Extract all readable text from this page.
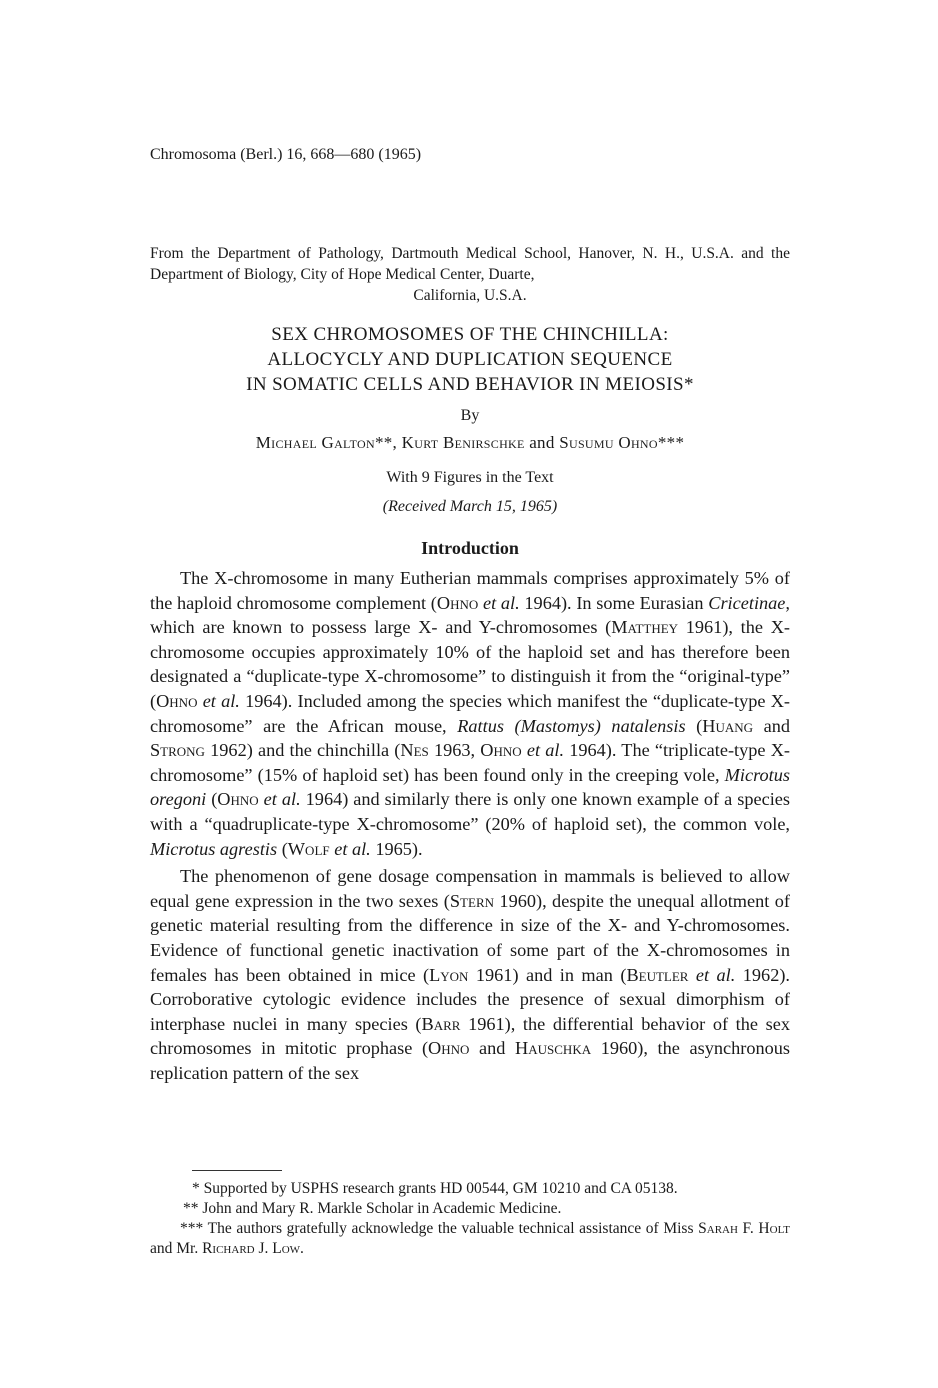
Chromosoma (Berl.) 16, 668—680 (1965)
From the Department of Pathology, Dartmouth Medical School, Hanover, N. H., U.S.A. and the Department of Biology, City of Hope Medical Center, Duarte,
California, U.S.A.
SEX CHROMOSOMES OF THE CHINCHILLA:
ALLOCYCLY AND DUPLICATION SEQUENCE
IN SOMATIC CELLS AND BEHAVIOR IN MEIOSIS*
By
Michael Galton**, Kurt Benirschke and Susumu Ohno***
With 9 Figures in the Text
(Received March 15, 1965)
Introduction

The X-chromosome in many Eutherian mammals comprises approximately 5% of the haploid chromosome complement (Ohno et al. 1964). In some Eurasian Cricetinae, which are known to possess large X- and Y-chromosomes (Matthey 1961), the X-chromosome occupies approximately 10% of the haploid set and has therefore been designated a “duplicate-type X-chromosome” to distinguish it from the “original-type” (Ohno et al. 1964). Included among the species which manifest the “duplicate-type X-chromosome” are the African mouse, Rattus (Mastomys) natalensis (Huang and Strong 1962) and the chinchilla (Nes 1963, Ohno et al. 1964). The “triplicate-type X-chromosome” (15% of haploid set) has been found only in the creeping vole, Microtus oregoni (Ohno et al. 1964) and similarly there is only one known example of a species with a “quadruplicate-type X-chromosome” (20% of haploid set), the common vole, Microtus agrestis (Wolf et al. 1965).

The phenomenon of gene dosage compensation in mammals is believed to allow equal gene expression in the two sexes (Stern 1960), despite the unequal allotment of genetic material resulting from the difference in size of the X- and Y-chromosomes. Evidence of functional genetic inactivation of some part of the X-chromosomes in females has been obtained in mice (Lyon 1961) and in man (Beutler et al. 1962). Corroborative cytologic evidence includes the presence of sexual dimorphism of interphase nuclei in many species (Barr 1961), the differential behavior of the sex chromosomes in mitotic prophase (Ohno and Hauschka 1960), the asynchronous replication pattern of the sex

* Supported by USPHS research grants HD 00544, GM 10210 and CA 05138.

** John and Mary R. Markle Scholar in Academic Medicine.

*** The authors gratefully acknowledge the valuable technical assistance of Miss Sarah F. Holt and Mr. Richard J. Low.
